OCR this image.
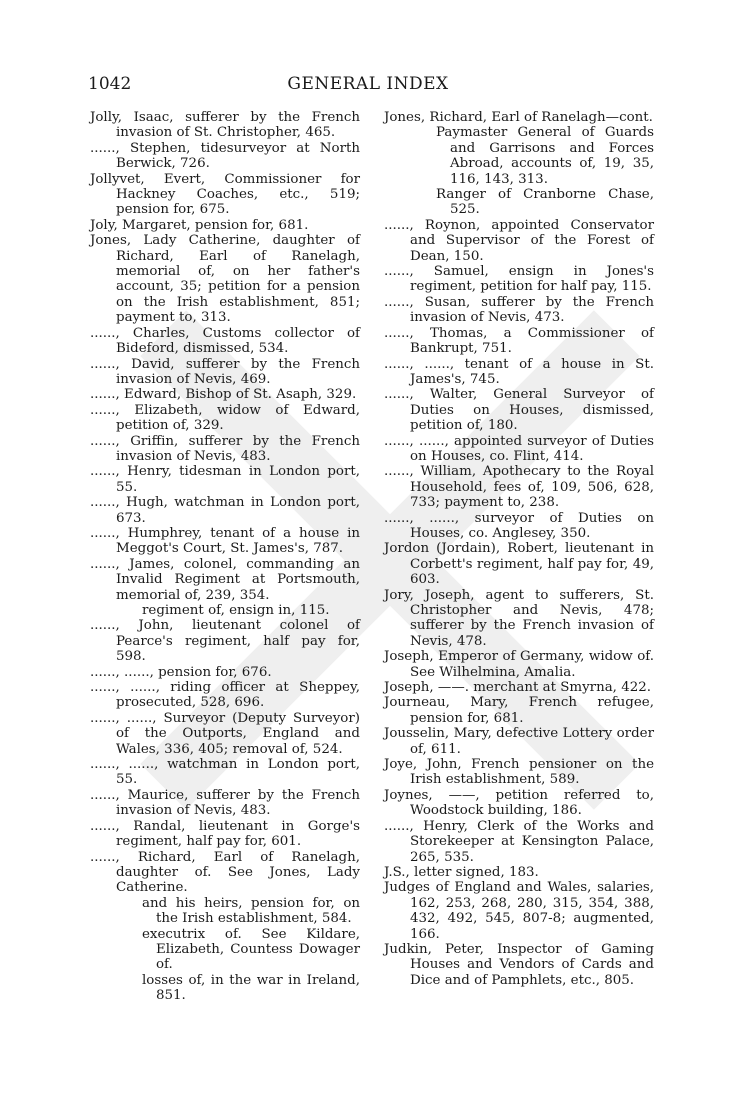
1042	GENERAL INDEX
Jolly, Isaac, sufferer by the French invasion of St. Christopher, 465.
......, Stephen, tidesurveyor at North Berwick, 726.
Jollyvet, Evert, Commissioner for Hackney Coaches, etc., 519; pension for, 675.
Joly, Margaret, pension for, 681.
Jones, Lady Catherine, daughter of Richard, Earl of Ranelagh, memorial of, on her father's account, 35; petition for a pension on the Irish establishment, 851; payment to, 313.
......, Charles, Customs collector of Bideford, dismissed, 534.
......, David, sufferer by the French invasion of Nevis, 469.
......, Edward, Bishop of St. Asaph, 329.
......, Elizabeth, widow of Edward, petition of, 329.
......, Griffin, sufferer by the French invasion of Nevis, 483.
......, Henry, tidesman in London port, 55.
......, Hugh, watchman in London port, 673.
......, Humphrey, tenant of a house in Meggot's Court, St. James's, 787.
......, James, colonel, commanding an Invalid Regiment at Portsmouth, memorial of, 239, 354.
regiment of, ensign in, 115.
......, John, lieutenant colonel of Pearce's regiment, half pay for, 598.
......, ......, pension for, 676.
......, ......, riding officer at Sheppey, prosecuted, 528, 696.
......, ......, Surveyor (Deputy Surveyor) of the Outports, England and Wales, 336, 405; removal of, 524.
......, ......, watchman in London port, 55.
......, Maurice, sufferer by the French invasion of Nevis, 483.
......, Randal, lieutenant in Gorge's regiment, half pay for, 601.
......, Richard, Earl of Ranelagh, daughter of. See Jones, Lady Catherine.
and his heirs, pension for, on the Irish establishment, 584.
executrix of. See Kildare, Elizabeth, Countess Dowager of.
losses of, in the war in Ireland, 851.
Jones, Richard, Earl of Ranelagh—cont.
Paymaster General of Guards and Garrisons and Forces Abroad, accounts of, 19, 35, 116, 143, 313.
Ranger of Cranborne Chase, 525.
......, Roynon, appointed Conservator and Supervisor of the Forest of Dean, 150.
......, Samuel, ensign in Jones's regiment, petition for half pay, 115.
......, Susan, sufferer by the French invasion of Nevis, 473.
......, Thomas, a Commissioner of Bankrupt, 751.
......, ......, tenant of a house in St. James's, 745.
......, Walter, General Surveyor of Duties on Houses, dismissed, petition of, 180.
......, ......, appointed surveyor of Duties on Houses, co. Flint, 414.
......, William, Apothecary to the Royal Household, fees of, 109, 506, 628, 733; payment to, 238.
......, ......, surveyor of Duties on Houses, co. Anglesey, 350.
Jordon (Jordain), Robert, lieutenant in Corbett's regiment, half pay for, 49, 603.
Jory, Joseph, agent to sufferers, St. Christopher and Nevis, 478; sufferer by the French invasion of Nevis, 478.
Joseph, Emperor of Germany, widow of. See Wilhelmina, Amalia.
Joseph, ——. merchant at Smyrna, 422.
Journeau, Mary, French refugee, pension for, 681.
Jousselin, Mary, defective Lottery order of, 611.
Joye, John, French pensioner on the Irish establishment, 589.
Joynes, ——, petition referred to, Woodstock building, 186.
......, Henry, Clerk of the Works and Storekeeper at Kensington Palace, 265, 535.
J.S., letter signed, 183.
Judges of England and Wales, salaries, 162, 253, 268, 280, 315, 354, 388, 432, 492, 545, 807-8; augmented, 166.
Judkin, Peter, Inspector of Gaming Houses and Vendors of Cards and Dice and of Pamphlets, etc., 805.
